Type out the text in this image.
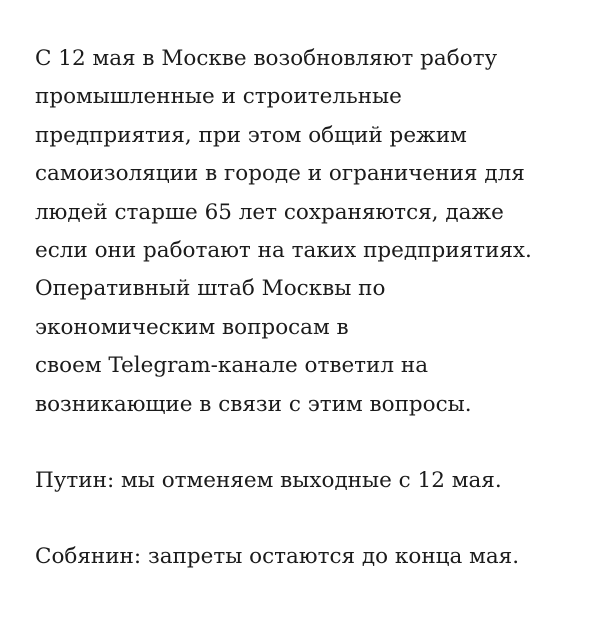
С 12 мая в Москве возобновляют работу
промышленные и строительные
предприятия, при этом общий режим
самоизоляции в городе и ограничения для
людей старше 65 лет сохраняются, даже
если они работают на таких предприятиях.
Оперативный штаб Москвы по
экономическим вопросам в
своем Telegram-канале ответил на
возникающие в связи с этим вопросы.

Путин: мы отменяем выходные с 12 мая.

Собянин: запреты остаются до конца мая.
